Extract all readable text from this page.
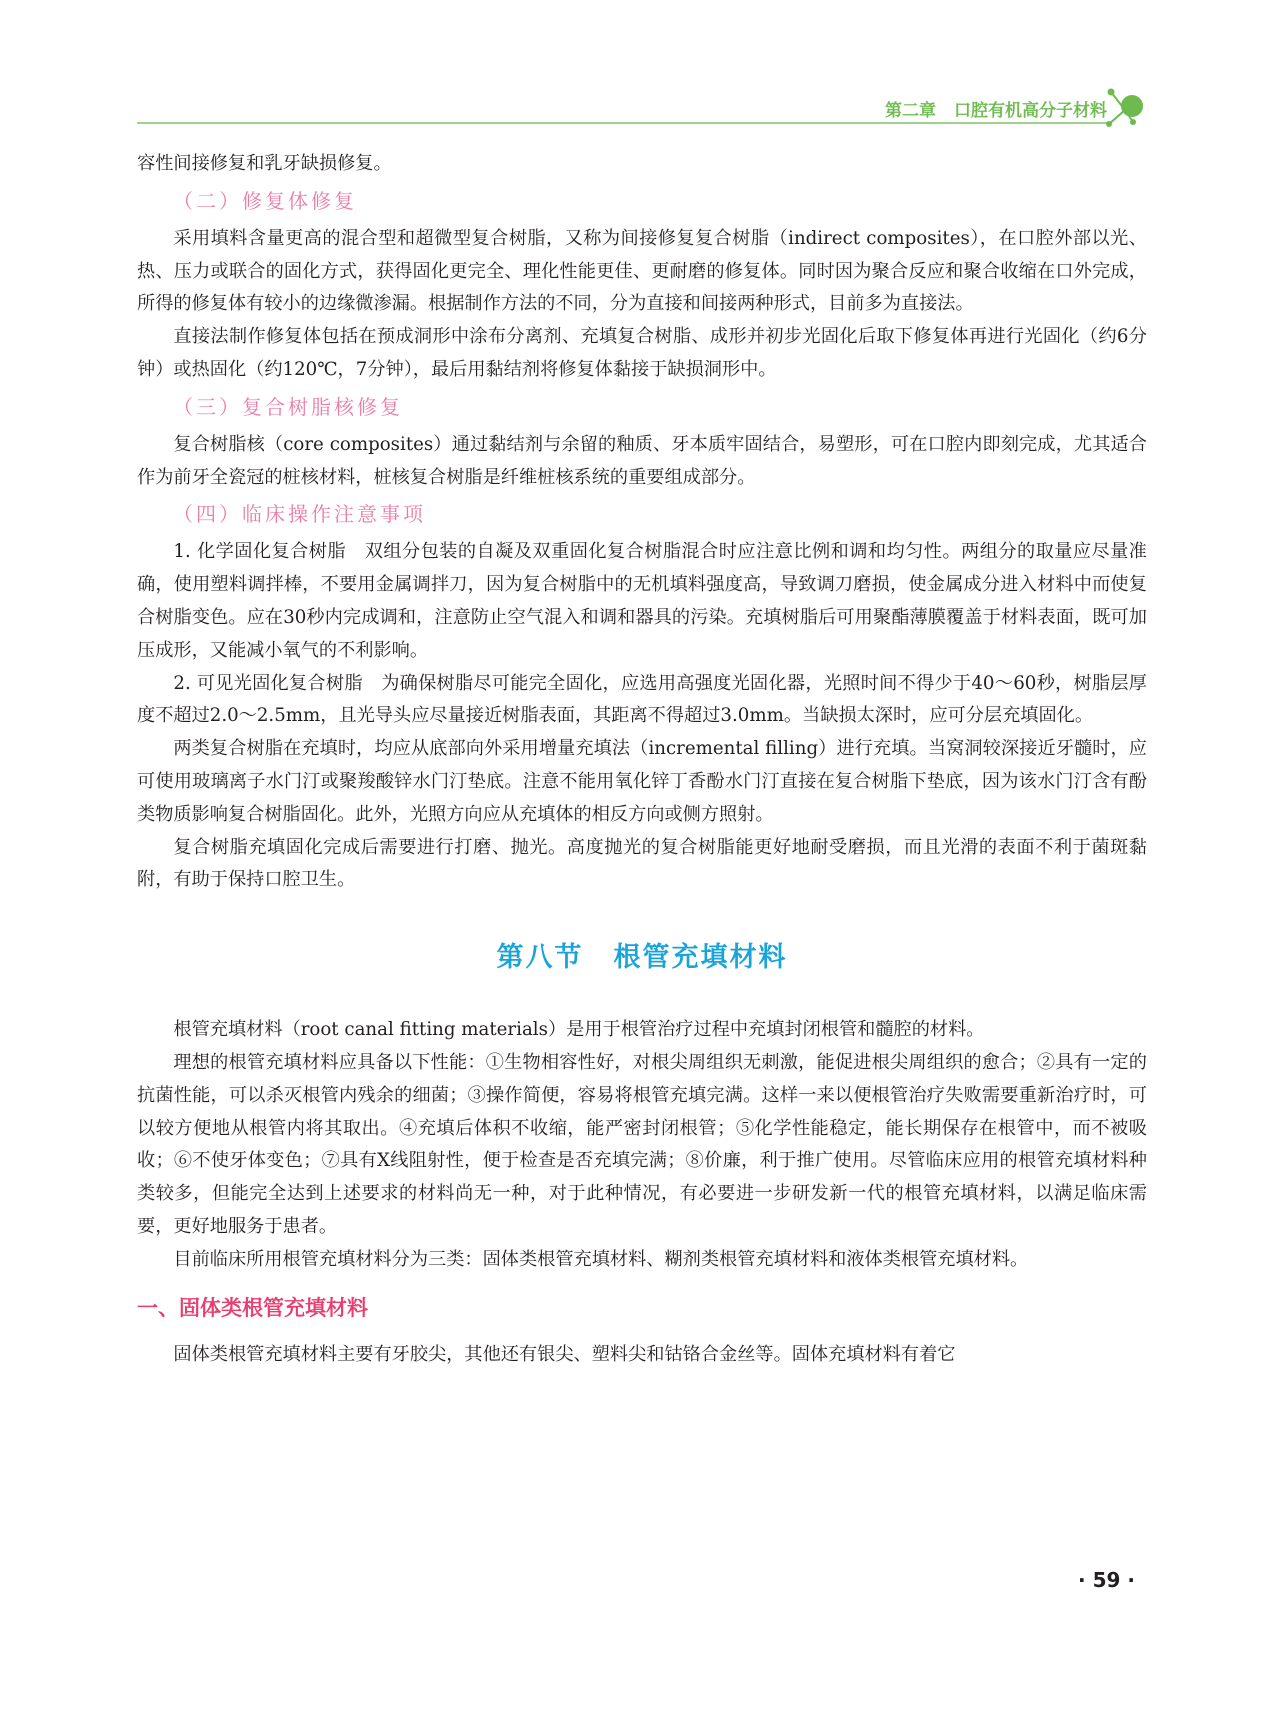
第二章 口腔有机高分子材料

容性间接修复和乳牙缺损修复。

（二）修复体修复

采用填料含量更高的混合型和超微型复合树脂，又称为间接修复复合树脂（indirect composites），在口腔外部以光、热、压力或联合的固化方式，获得固化更完全、理化性能更佳、更耐磨的修复体。同时因为聚合反应和聚合收缩在口外完成，所得的修复体有较小的边缘微渗漏。根据制作方法的不同，分为直接和间接两种形式，目前多为直接法。

直接法制作修复体包括在预成洞形中涂布分离剂、充填复合树脂、成形并初步光固化后取下修复体再进行光固化（约6分钟）或热固化（约120℃，7分钟），最后用黏结剂将修复体黏接于缺损洞形中。

（三）复合树脂核修复

复合树脂核（core composites）通过黏结剂与余留的釉质、牙本质牢固结合，易塑形，可在口腔内即刻完成，尤其适合作为前牙全瓷冠的桩核材料，桩核复合树脂是纤维桩核系统的重要组成部分。

（四）临床操作注意事项

1. 化学固化复合树脂　双组分包装的自凝及双重固化复合树脂混合时应注意比例和调和均匀性。两组分的取量应尽量准确，使用塑料调拌棒，不要用金属调拌刀，因为复合树脂中的无机填料强度高，导致调刀磨损，使金属成分进入材料中而使复合树脂变色。应在30秒内完成调和，注意防止空气混入和调和器具的污染。充填树脂后可用聚酯薄膜覆盖于材料表面，既可加压成形，又能减小氧气的不利影响。

2. 可见光固化复合树脂　为确保树脂尽可能完全固化，应选用高强度光固化器，光照时间不得少于40～60秒，树脂层厚度不超过2.0～2.5mm，且光导头应尽量接近树脂表面，其距离不得超过3.0mm。当缺损太深时，应可分层充填固化。

两类复合树脂在充填时，均应从底部向外采用增量充填法（incremental filling）进行充填。当窝洞较深接近牙髓时，应可使用玻璃离子水门汀或聚羧酸锌水门汀垫底。注意不能用氧化锌丁香酚水门汀直接在复合树脂下垫底，因为该水门汀含有酚类物质影响复合树脂固化。此外，光照方向应从充填体的相反方向或侧方照射。

复合树脂充填固化完成后需要进行打磨、抛光。高度抛光的复合树脂能更好地耐受磨损，而且光滑的表面不利于菌斑黏附，有助于保持口腔卫生。

第八节 根管充填材料

根管充填材料（root canal fitting materials）是用于根管治疗过程中充填封闭根管和髓腔的材料。

理想的根管充填材料应具备以下性能：①生物相容性好，对根尖周组织无刺激，能促进根尖周组织的愈合；②具有一定的抗菌性能，可以杀灭根管内残余的细菌；③操作简便，容易将根管充填完满。这样一来以便根管治疗失败需要重新治疗时，可以较方便地从根管内将其取出。④充填后体积不收缩，能严密封闭根管；⑤化学性能稳定，能长期保存在根管中，而不被吸收；⑥不使牙体变色；⑦具有X线阻射性，便于检查是否充填完满；⑧价廉，利于推广使用。尽管临床应用的根管充填材料种类较多，但能完全达到上述要求的材料尚无一种，对于此种情况，有必要进一步研发新一代的根管充填材料，以满足临床需要，更好地服务于患者。

目前临床所用根管充填材料分为三类：固体类根管充填材料、糊剂类根管充填材料和液体类根管充填材料。

一、固体类根管充填材料

固体类根管充填材料主要有牙胶尖，其他还有银尖、塑料尖和钴铬合金丝等。固体充填材料有着它

· 59 ·
